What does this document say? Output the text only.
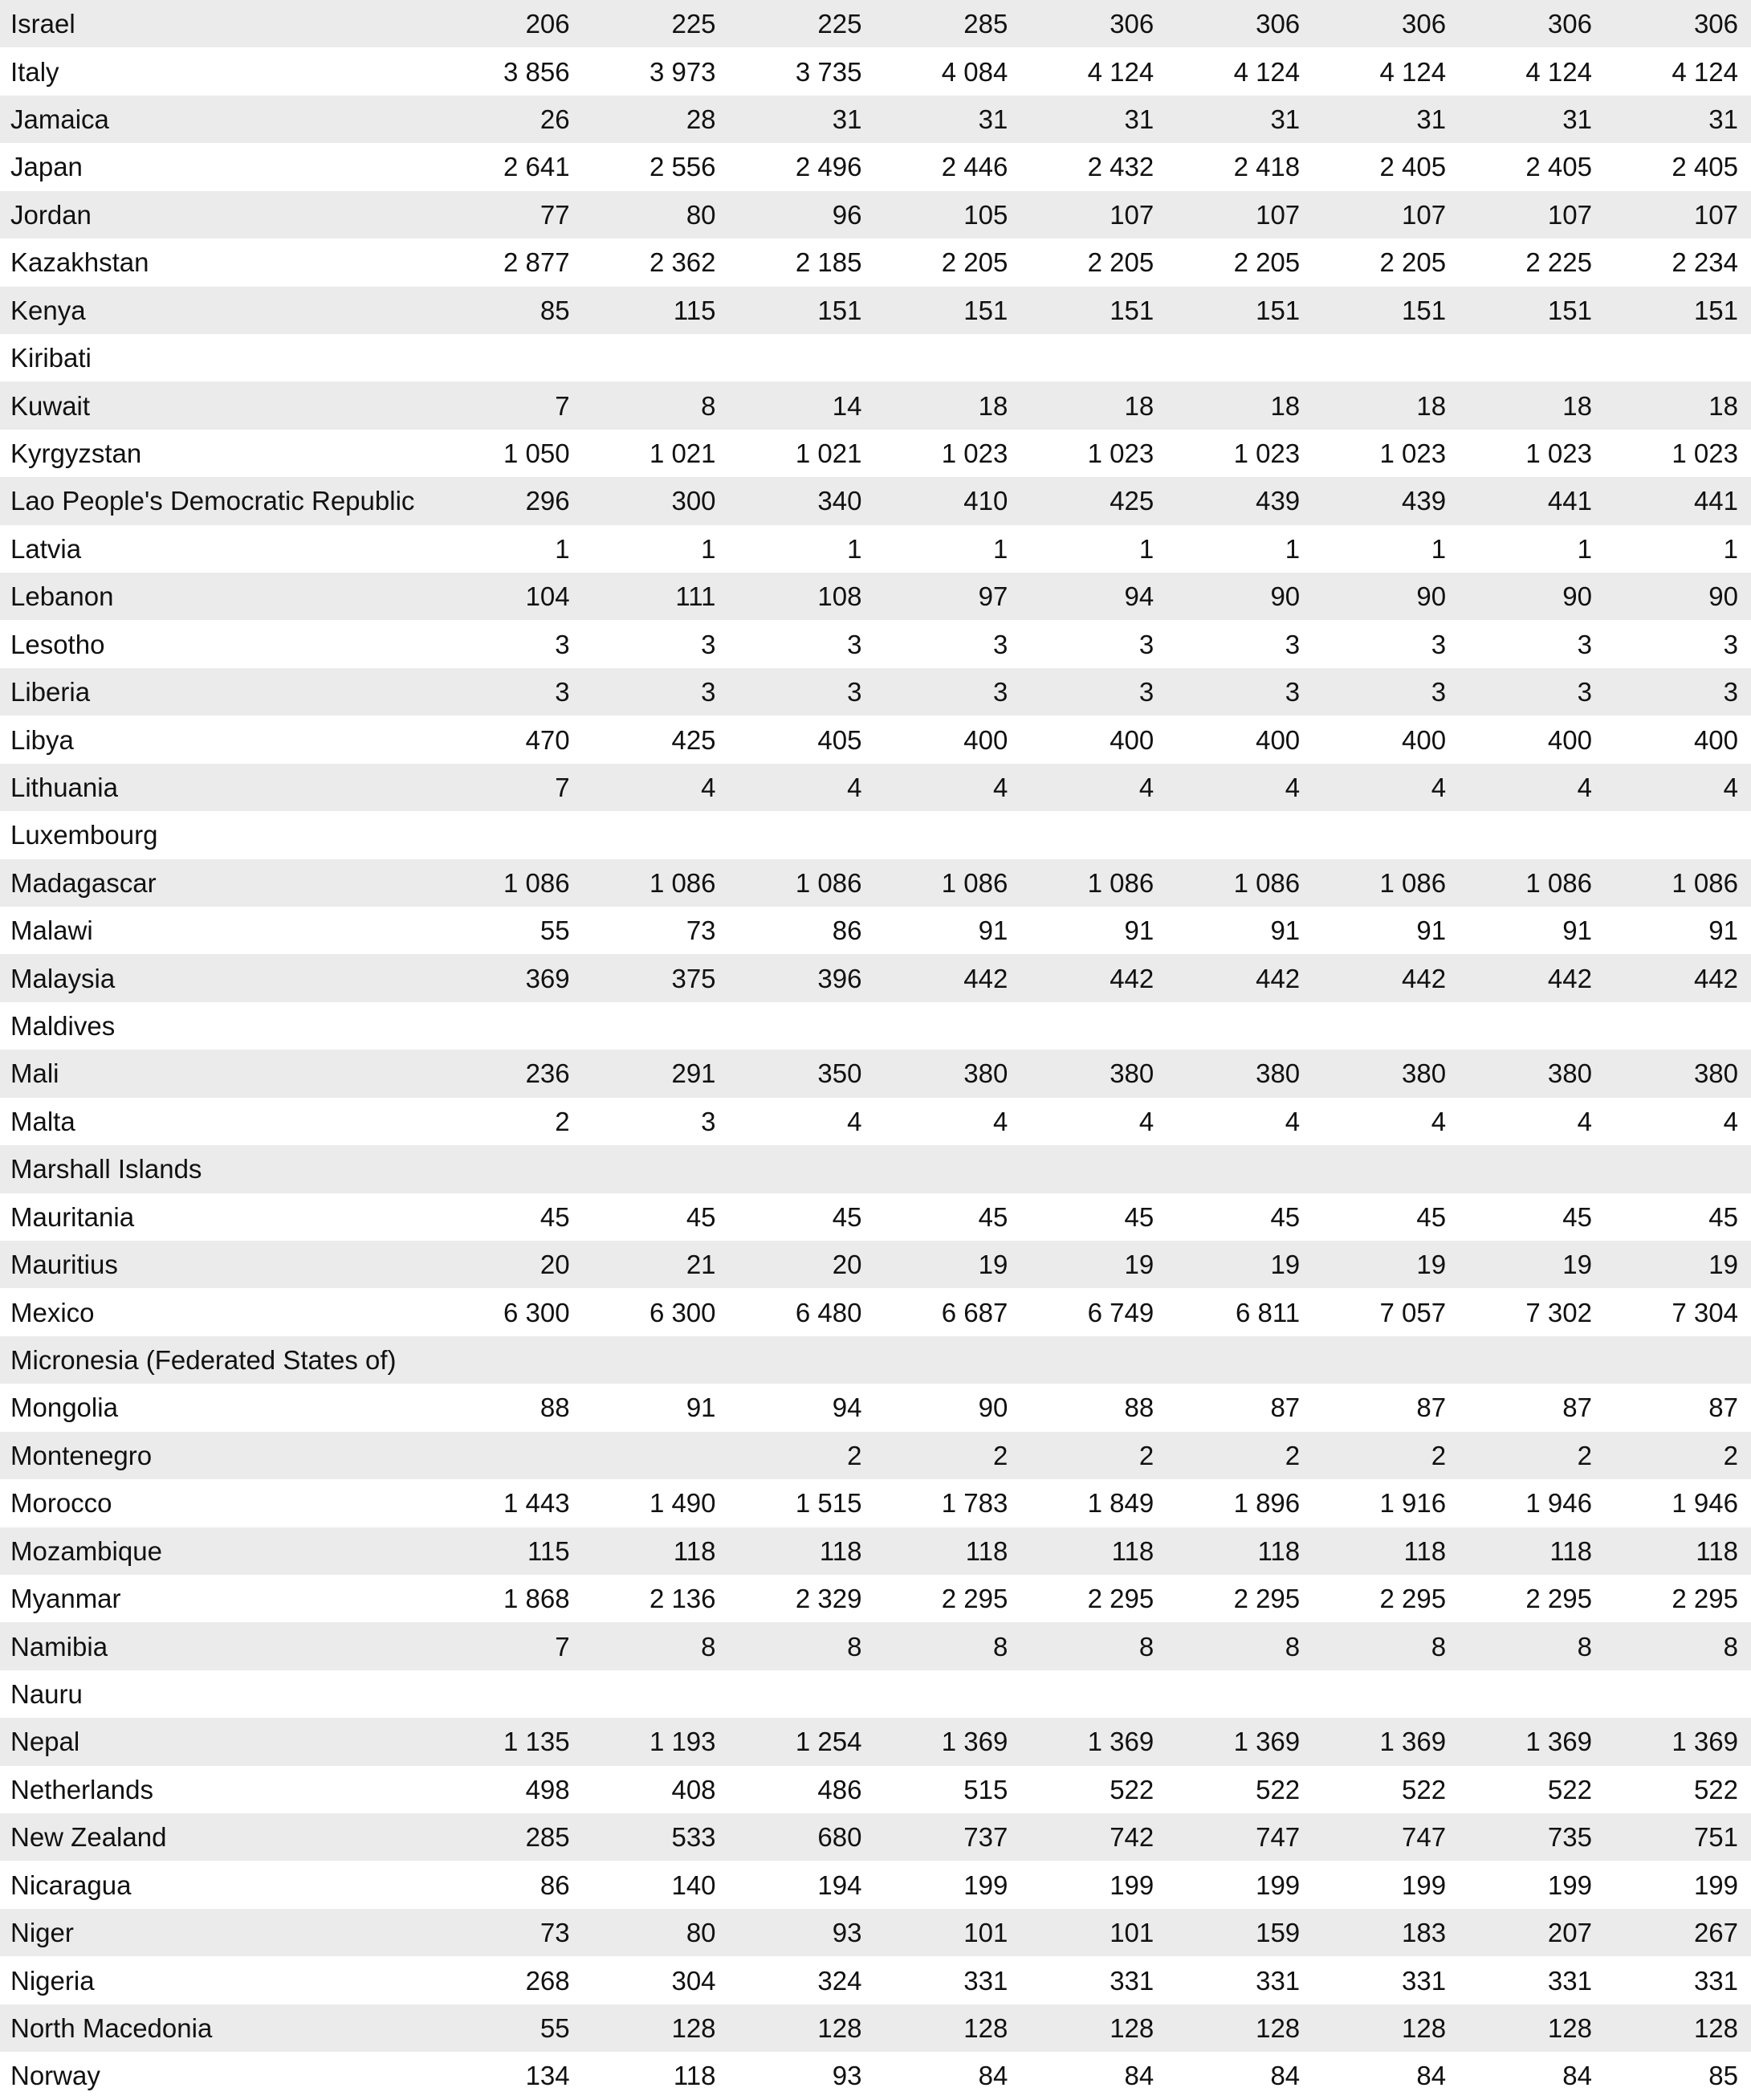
Israel	206	225	225	285	306	306	306	306	306
Italy	3 856	3 973	3 735	4 084	4 124	4 124	4 124	4 124	4 124
Jamaica	26	28	31	31	31	31	31	31	31
Japan	2 641	2 556	2 496	2 446	2 432	2 418	2 405	2 405	2 405
Jordan	77	80	96	105	107	107	107	107	107
Kazakhstan	2 877	2 362	2 185	2 205	2 205	2 205	2 205	2 225	2 234
Kenya	85	115	151	151	151	151	151	151	151
Kiribati									
Kuwait	7	8	14	18	18	18	18	18	18
Kyrgyzstan	1 050	1 021	1 021	1 023	1 023	1 023	1 023	1 023	1 023
Lao People's Democratic Republic	296	300	340	410	425	439	439	441	441
Latvia	1	1	1	1	1	1	1	1	1
Lebanon	104	111	108	97	94	90	90	90	90
Lesotho	3	3	3	3	3	3	3	3	3
Liberia	3	3	3	3	3	3	3	3	3
Libya	470	425	405	400	400	400	400	400	400
Lithuania	7	4	4	4	4	4	4	4	4
Luxembourg									
Madagascar	1 086	1 086	1 086	1 086	1 086	1 086	1 086	1 086	1 086
Malawi	55	73	86	91	91	91	91	91	91
Malaysia	369	375	396	442	442	442	442	442	442
Maldives									
Mali	236	291	350	380	380	380	380	380	380
Malta	2	3	4	4	4	4	4	4	4
Marshall Islands									
Mauritania	45	45	45	45	45	45	45	45	45
Mauritius	20	21	20	19	19	19	19	19	19
Mexico	6 300	6 300	6 480	6 687	6 749	6 811	7 057	7 302	7 304
Micronesia (Federated States of)									
Mongolia	88	91	94	90	88	87	87	87	87
Montenegro			2	2	2	2	2	2	2
Morocco	1 443	1 490	1 515	1 783	1 849	1 896	1 916	1 946	1 946
Mozambique	115	118	118	118	118	118	118	118	118
Myanmar	1 868	2 136	2 329	2 295	2 295	2 295	2 295	2 295	2 295
Namibia	7	8	8	8	8	8	8	8	8
Nauru									
Nepal	1 135	1 193	1 254	1 369	1 369	1 369	1 369	1 369	1 369
Netherlands	498	408	486	515	522	522	522	522	522
New Zealand	285	533	680	737	742	747	747	735	751
Nicaragua	86	140	194	199	199	199	199	199	199
Niger	73	80	93	101	101	159	183	207	267
Nigeria	268	304	324	331	331	331	331	331	331
North Macedonia	55	128	128	128	128	128	128	128	128
Norway	134	118	93	84	84	84	84	84	85
